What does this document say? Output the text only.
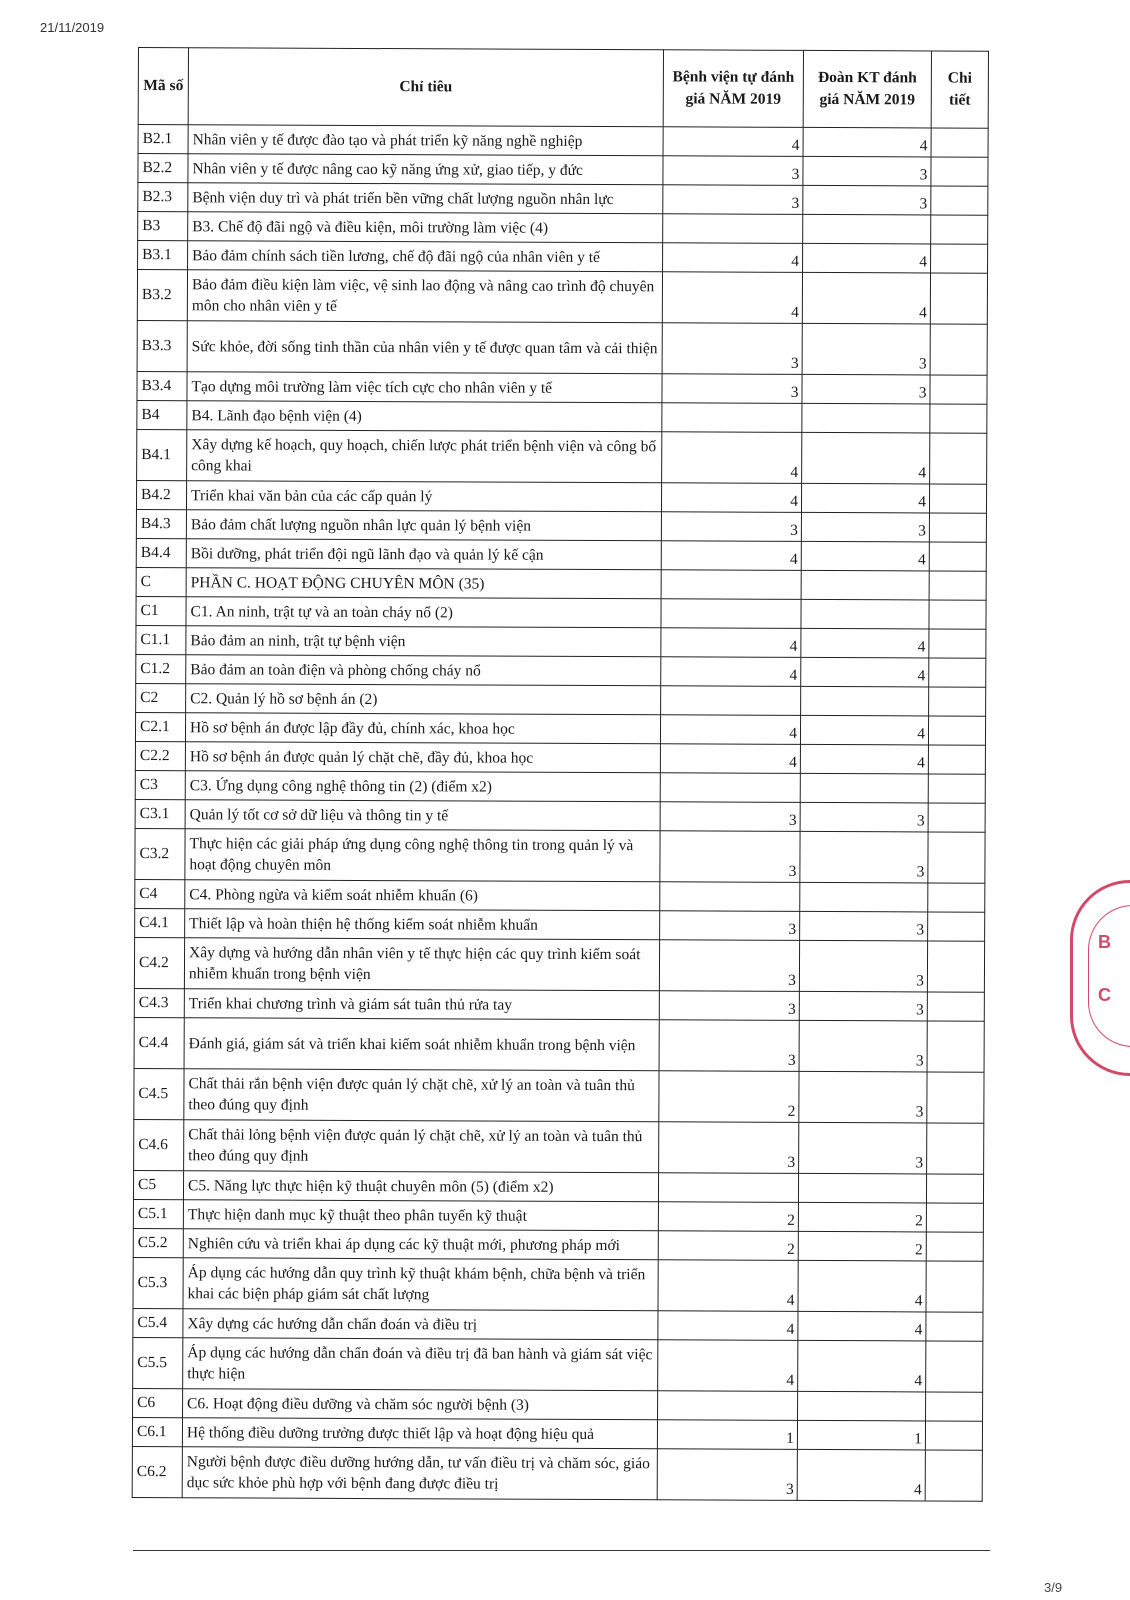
21/11/2019
Mã số	Chỉ tiêu	Bệnh viện tự đánh giá NĂM 2019	Đoàn KT đánh giá NĂM 2019	Chi tiết
B2.1	Nhân viên y tế được đào tạo và phát triển kỹ năng nghề nghiệp	4	4	
B2.2	Nhân viên y tế được nâng cao kỹ năng ứng xử, giao tiếp, y đức	3	3	
B2.3	Bệnh viện duy trì và phát triển bền vững chất lượng nguồn nhân lực	3	3	
B3	B3. Chế độ đãi ngộ và điều kiện, môi trường làm việc (4)			
B3.1	Bảo đảm chính sách tiền lương, chế độ đãi ngộ của nhân viên y tế	4	4	
B3.2	Bảo đảm điều kiện làm việc, vệ sinh lao động và nâng cao trình độ chuyên môn cho nhân viên y tế	4	4	
B3.3	Sức khỏe, đời sống tinh thần của nhân viên y tế được quan tâm và cải thiện	3	3	
B3.4	Tạo dựng môi trường làm việc tích cực cho nhân viên y tế	3	3	
B4	B4. Lãnh đạo bệnh viện (4)			
B4.1	Xây dựng kế hoạch, quy hoạch, chiến lược phát triển bệnh viện và công bố công khai	4	4	
B4.2	Triển khai văn bản của các cấp quản lý	4	4	
B4.3	Bảo đảm chất lượng nguồn nhân lực quản lý bệnh viện	3	3	
B4.4	Bồi dưỡng, phát triển đội ngũ lãnh đạo và quản lý kế cận	4	4	
C	PHẦN C. HOẠT ĐỘNG CHUYÊN MÔN (35)			
C1	C1. An ninh, trật tự và an toàn cháy nổ (2)			
C1.1	Bảo đảm an ninh, trật tự bệnh viện	4	4	
C1.2	Bảo đảm an toàn điện và phòng chống cháy nổ	4	4	
C2	C2. Quản lý hồ sơ bệnh án (2)			
C2.1	Hồ sơ bệnh án được lập đầy đủ, chính xác, khoa học	4	4	
C2.2	Hồ sơ bệnh án được quản lý chặt chẽ, đầy đủ, khoa học	4	4	
C3	C3. Ứng dụng công nghệ thông tin (2) (điểm x2)			
C3.1	Quản lý tốt cơ sở dữ liệu và thông tin y tế	3	3	
C3.2	Thực hiện các giải pháp ứng dụng công nghệ thông tin trong quản lý và hoạt động chuyên môn	3	3	
C4	C4. Phòng ngừa và kiểm soát nhiễm khuẩn (6)			
C4.1	Thiết lập và hoàn thiện hệ thống kiểm soát nhiễm khuẩn	3	3	
C4.2	Xây dựng và hướng dẫn nhân viên y tế thực hiện các quy trình kiểm soát nhiễm khuẩn trong bệnh viện	3	3	
C4.3	Triển khai chương trình và giám sát tuân thủ rửa tay	3	3	
C4.4	Đánh giá, giám sát và triển khai kiểm soát nhiễm khuẩn trong bệnh viện	3	3	
C4.5	Chất thải rắn bệnh viện được quản lý chặt chẽ, xử lý an toàn và tuân thủ theo đúng quy định	2	3	
C4.6	Chất thải lỏng bệnh viện được quản lý chặt chẽ, xử lý an toàn và tuân thủ theo đúng quy định	3	3	
C5	C5. Năng lực thực hiện kỹ thuật chuyên môn (5) (điểm x2)			
C5.1	Thực hiện danh mục kỹ thuật theo phân tuyến kỹ thuật	2	2	
C5.2	Nghiên cứu và triển khai áp dụng các kỹ thuật mới, phương pháp mới	2	2	
C5.3	Áp dụng các hướng dẫn quy trình kỹ thuật khám bệnh, chữa bệnh và triển khai các biện pháp giám sát chất lượng	4	4	
C5.4	Xây dựng các hướng dẫn chẩn đoán và điều trị	4	4	
C5.5	Áp dụng các hướng dẫn chẩn đoán và điều trị đã ban hành và giám sát việc thực hiện	4	4	
C6	C6. Hoạt động điều dưỡng và chăm sóc người bệnh (3)			
C6.1	Hệ thống điều dưỡng trưởng được thiết lập và hoạt động hiệu quả	1	1	
C6.2	Người bệnh được điều dưỡng hướng dẫn, tư vấn điều trị và chăm sóc, giáo dục sức khỏe phù hợp với bệnh đang được điều trị	3	4	
B
C
3/9
